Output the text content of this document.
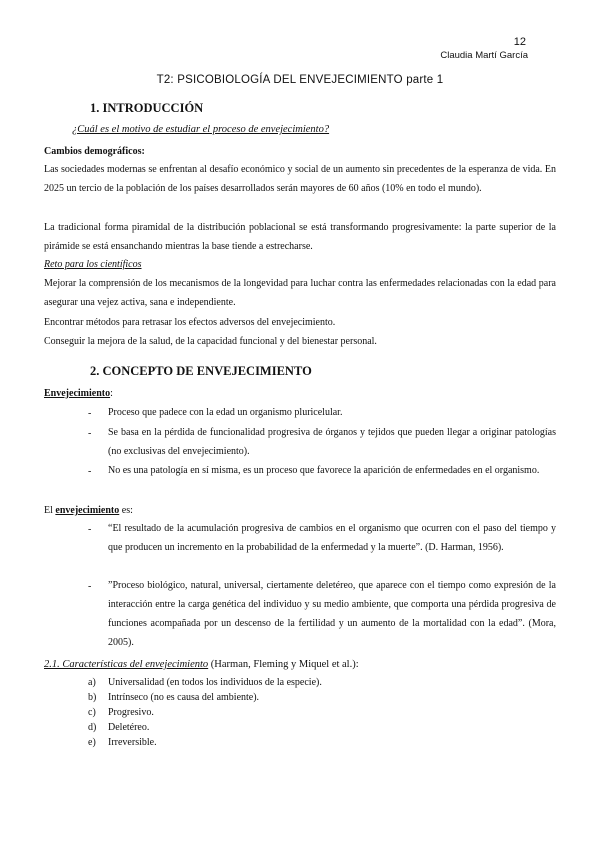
12
Claudia Martí García
T2: PSICOBIOLOGÍA DEL ENVEJECIMIENTO parte 1
1. INTRODUCCIÓN
¿Cuál es el motivo de estudiar el proceso de envejecimiento?
Cambios demográficos:
Las sociedades modernas se enfrentan al desafío económico y social de un aumento sin precedentes de la esperanza de vida. En 2025 un tercio de la población de los países desarrollados serán mayores de 60 años (10% en todo el mundo).
La tradicional forma piramidal de la distribución poblacional se está transformando progresivamente: la parte superior de la pirámide se está ensanchando mientras la base tiende a estrecharse.
Reto para los científicos
Mejorar la comprensión de los mecanismos de la longevidad para luchar contra las enfermedades relacionadas con la edad para asegurar una vejez activa, sana e independiente.
Encontrar métodos para retrasar los efectos adversos del envejecimiento.
Conseguir la mejora de la salud, de la capacidad funcional y del bienestar personal.
2. CONCEPTO DE ENVEJECIMIENTO
Envejecimiento:
- Proceso que padece con la edad un organismo pluricelular.
- Se basa en la pérdida de funcionalidad progresiva de órganos y tejidos que pueden llegar a originar patologías (no exclusivas del envejecimiento).
- No es una patología en sí misma, es un proceso que favorece la aparición de enfermedades en el organismo.
El envejecimiento es:
- “El resultado de la acumulación progresiva de cambios en el organismo que ocurren con el paso del tiempo y que producen un incremento en la probabilidad de la enfermedad y la muerte”. (D. Harman, 1956).
- ”Proceso biológico, natural, universal, ciertamente deletéreo, que aparece con el tiempo como expresión de la interacción entre la carga genética del individuo y su medio ambiente, que comporta una pérdida progresiva de funciones acompañada por un descenso de la fertilidad y un aumento de la mortalidad con la edad”. (Mora, 2005).
2.1. Características del envejecimiento (Harman, Fleming y Miquel et al.):
a) Universalidad (en todos los individuos de la especie).
b) Intrínseco (no es causa del ambiente).
c) Progresivo.
d) Deletéreo.
e) Irreversible.
